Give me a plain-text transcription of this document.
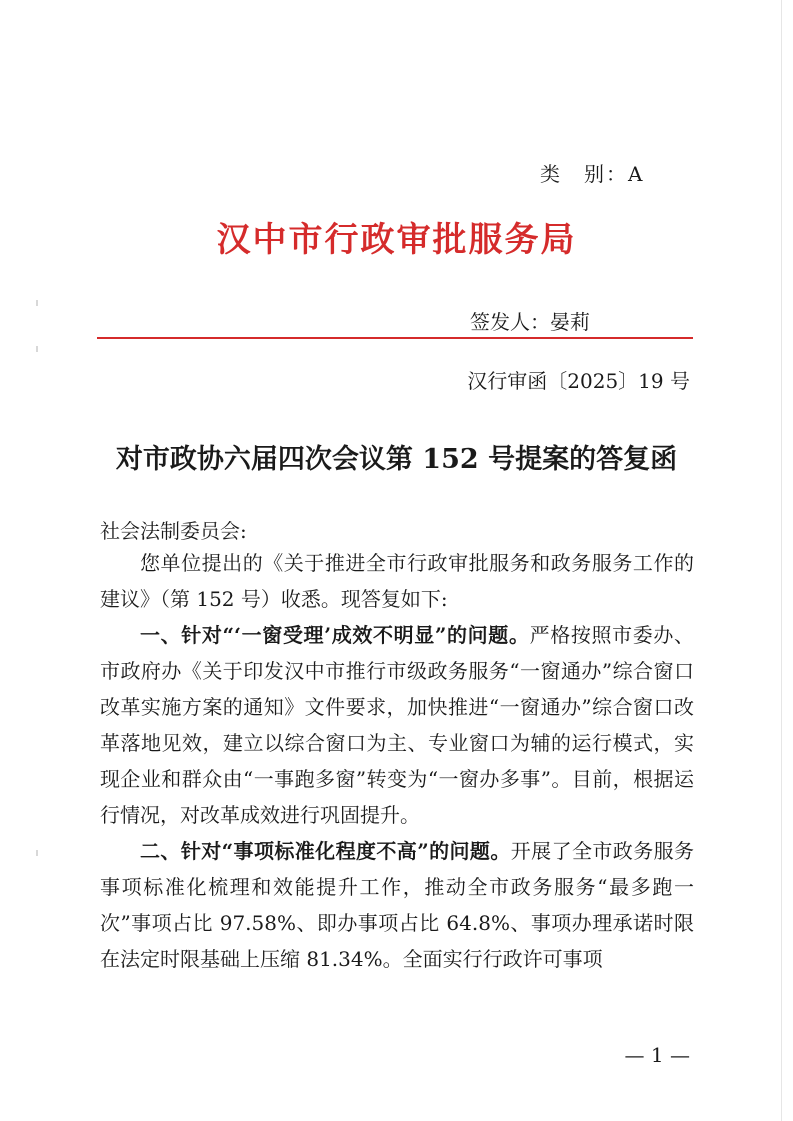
类　别：A
汉中市行政审批服务局
签发人：晏莉
汉行审函〔2025〕19 号
对市政协六届四次会议第 152 号提案的答复函
社会法制委员会:

您单位提出的《关于推进全市行政审批服务和政务服务工作的建议》（第 152 号）收悉。现答复如下:

一、针对“‘一窗受理’成效不明显”的问题。严格按照市委办、市政府办《关于印发汉中市推行市级政务服务“一窗通办”综合窗口改革实施方案的通知》文件要求，加快推进“一窗通办”综合窗口改革落地见效，建立以综合窗口为主、专业窗口为辅的运行模式，实现企业和群众由“一事跑多窗”转变为“一窗办多事”。目前，根据运行情况，对改革成效进行巩固提升。

二、针对“事项标准化程度不高”的问题。开展了全市政务服务事项标准化梳理和效能提升工作，推动全市政务服务“最多跑一次”事项占比 97.58%、即办事项占比 64.8%、事项办理承诺时限在法定时限基础上压缩 81.34%。全面实行行政许可事项

— 1 —
